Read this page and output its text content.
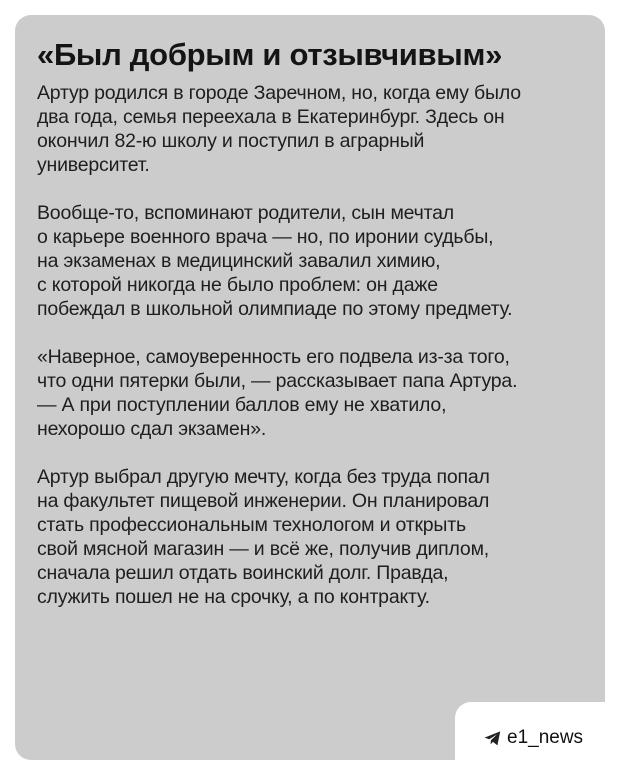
«Был добрым и отзывчивым»

Артур родился в городе Заречном, но, когда ему было
два года, семья переехала в Екатеринбург. Здесь он
окончил 82-ю школу и поступил в аграрный
университет.

Вообще-то, вспоминают родители, сын мечтал
о карьере военного врача — но, по иронии судьбы,
на экзаменах в медицинский завалил химию,
с которой никогда не было проблем: он даже
побеждал в школьной олимпиаде по этому предмету.

«Наверное, самоуверенность его подвела из-за того,
что одни пятерки были, — рассказывает папа Артура.
— А при поступлении баллов ему не хватило,
нехорошо сдал экзамен».

Артур выбрал другую мечту, когда без труда попал
на факультет пищевой инженерии. Он планировал
стать профессиональным технологом и открыть
свой мясной магазин — и всё же, получив диплом,
сначала решил отдать воинский долг. Правда,
служить пошел не на срочку, а по контракту.

e1_news
